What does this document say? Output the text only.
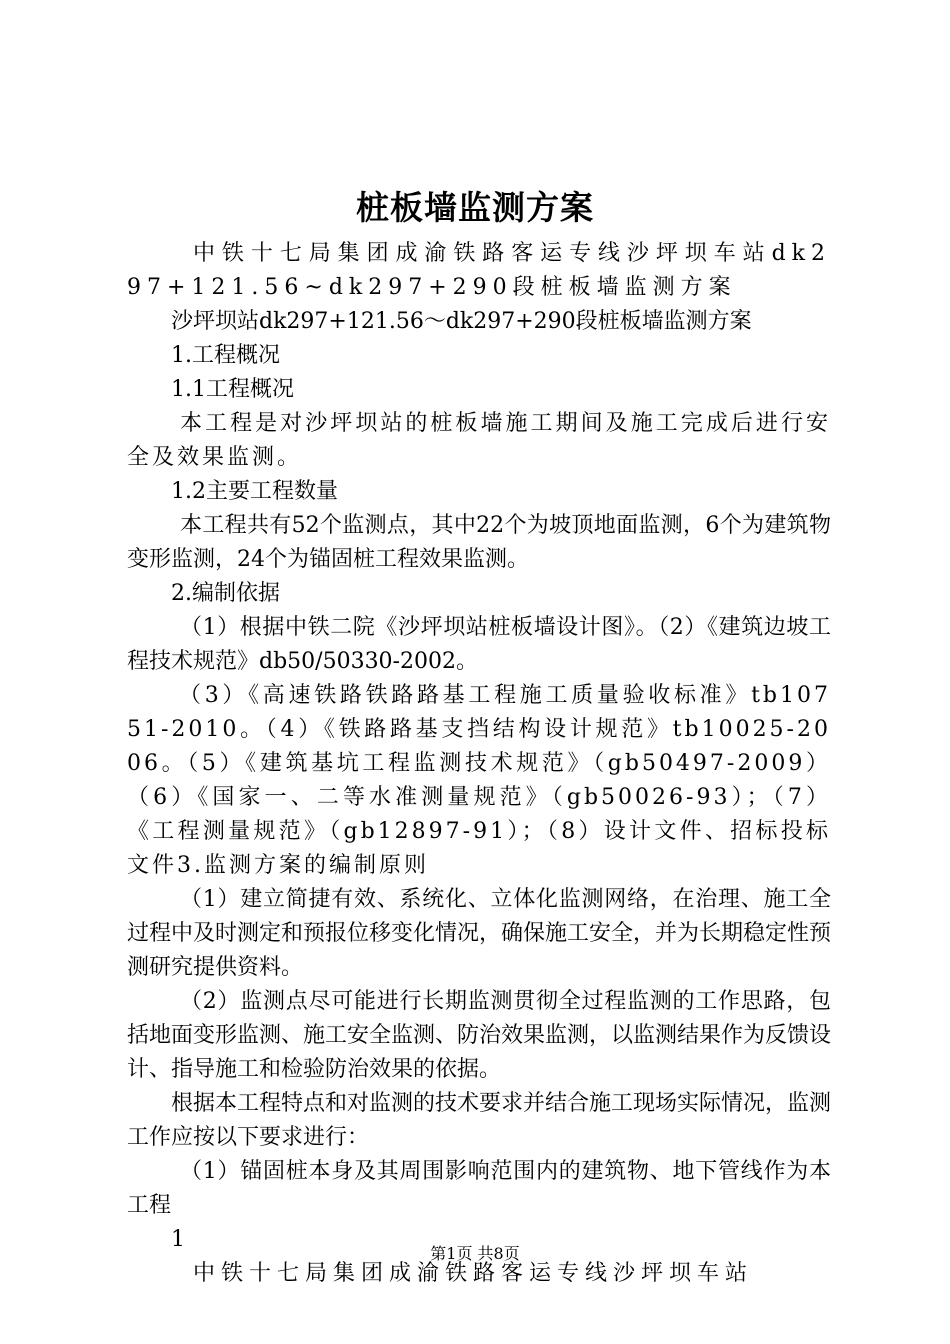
桩板墙监测方案

中铁十七局集团成渝铁路客运专线沙坪坝车站dk297+121.56~dk297+290段桩板墙监测方案

沙坪坝站dk297+121.56～dk297+290段桩板墙监测方案

1.工程概况

1.1工程概况

本工程是对沙坪坝站的桩板墙施工期间及施工完成后进行安全及效果监测。

1.2主要工程数量

本工程共有52个监测点，其中22个为坡顶地面监测，6个为建筑物变形监测，24个为锚固桩工程效果监测。

2.编制依据

（1）根据中铁二院《沙坪坝站桩板墙设计图》。（2）《建筑边坡工程技术规范》db50/50330-2002。

（3）《高速铁路铁路路基工程施工质量验收标准》tb10751-2010。（4）《铁路路基支挡结构设计规范》tb10025-2006。（5）《建筑基坑工程监测技术规范》（gb50497-2009）（6）《国家一、二等水准测量规范》（gb50026-93）；（7）《工程测量规范》（gb12897-91）；（8）设计文件、招标投标文件3.监测方案的编制原则

（1）建立简捷有效、系统化、立体化监测网络，在治理、施工全过程中及时测定和预报位移变化情况，确保施工安全，并为长期稳定性预测研究提供资料。

（2）监测点尽可能进行长期监测贯彻全过程监测的工作思路，包括地面变形监测、施工安全监测、防治效果监测，以监测结果作为反馈设计、指导施工和检验防治效果的依据。

根据本工程特点和对监测的技术要求并结合施工现场实际情况，监测工作应按以下要求进行：

（1）锚固桩本身及其周围影响范围内的建筑物、地下管线作为本工程

1

中铁十七局集团成渝铁路客运专线沙坪坝车站

第1页 共8页
